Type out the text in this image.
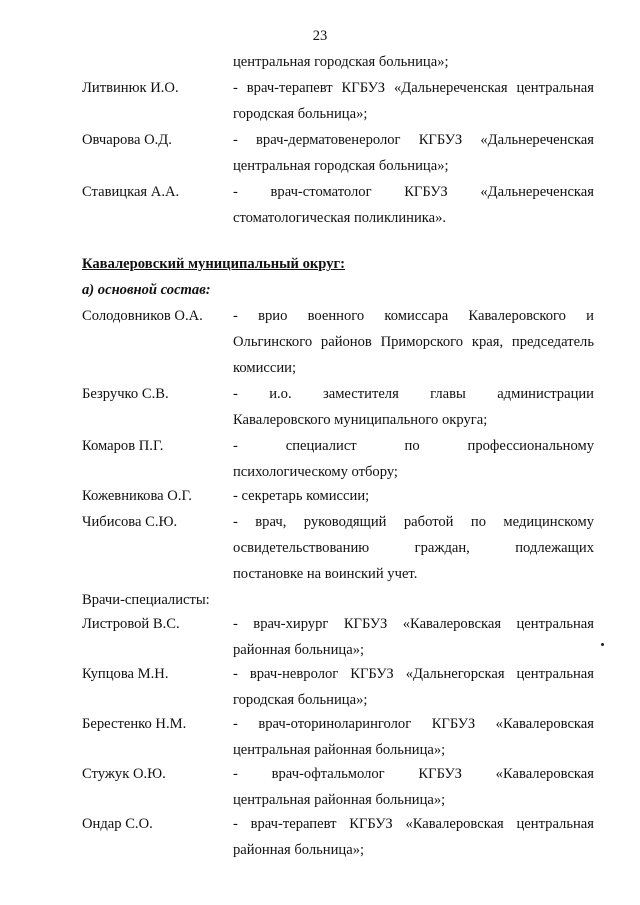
23
центральная городская больница»;
Литвинюк И.О.	- врач-терапевт КГБУЗ «Дальнереченская центральная
городская больница»;
Овчарова О.Д.	- врач-дерматовенеролог КГБУЗ «Дальнереченская
центральная городская больница»;
Ставицкая А.А.	- врач-стоматолог КГБУЗ «Дальнереченская
стоматологическая поликлиника».
Кавалеровский муниципальный округ:
а) основной состав:
Солодовников О.А. - врио военного комиссара Кавалеровского и
Ольгинского районов Приморского края, председатель
комиссии;
Безручко С.В.	- и.о. заместителя главы администрации
Кавалеровского муниципального округа;
Комаров П.Г.	- специалист по профессиональному
психологическому отбору;
Кожевникова О.Г.	- секретарь комиссии;
Чибисова С.Ю.	- врач, руководящий работой по медицинскому
освидетельствованию граждан, подлежащих
постановке на воинский учет.
Врачи-специалисты:
Листровой В.С.	- врач-хирург КГБУЗ «Кавалеровская центральная
районная больница»;
Купцова М.Н.	- врач-невролог КГБУЗ «Дальнегорская центральная
городская больница»;
Берестенко Н.М.	- врач-оториноларинголог КГБУЗ «Кавалеровская
центральная районная больница»;
Стужук О.Ю.	- врач-офтальмолог КГБУЗ «Кавалеровская
центральная районная больница»;
Ондар С.О.	- врач-терапевт КГБУЗ «Кавалеровская центральная
районная больница»;
